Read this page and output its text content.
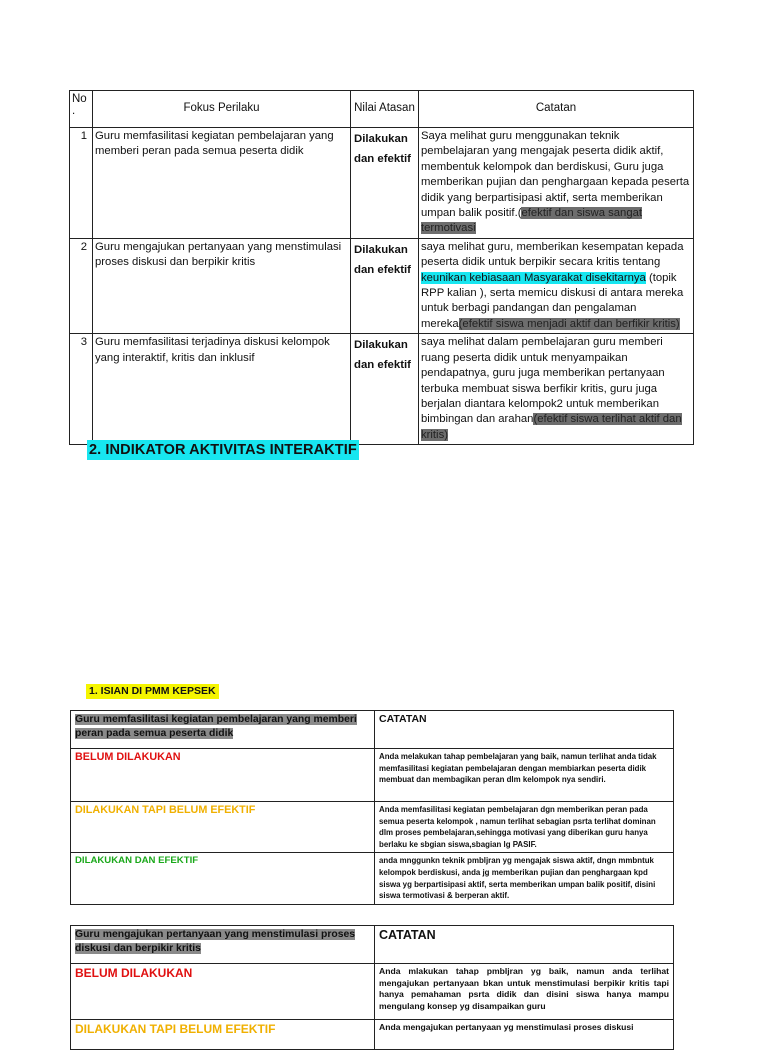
No .	Fokus Perilaku	Nilai Atasan	Catatan
1	Guru memfasilitasi kegiatan pembelajaran yang memberi peran pada semua peserta didik	Dilakukan dan efektif	Saya melihat guru menggunakan teknik pembelajaran yang mengajak peserta didik aktif, membentuk kelompok dan berdiskusi, Guru juga memberikan pujian dan penghargaan kepada peserta didik yang berpartisipasi aktif, serta memberikan umpan balik positif.(efektif dan siswa sangat termotivasi
2	Guru mengajukan pertanyaan yang menstimulasi proses diskusi dan berpikir kritis	Dilakukan dan efektif	saya melihat guru, memberikan kesempatan kepada peserta didik untuk berpikir secara kritis tentang keunikan kebiasaan Masyarakat disekitarnya (topik RPP kalian ), serta memicu diskusi di antara mereka untuk berbagi pandangan dan pengalaman mereka(efektif siswa menjadi aktif dan berfikir kritis)
3	Guru memfasilitasi terjadinya diskusi kelompok yang interaktif, kritis dan inklusif	Dilakukan dan efektif	saya melihat dalam pembelajaran guru memberi ruang peserta didik untuk menyampaikan pendapatnya, guru juga memberikan pertanyaan terbuka membuat siswa berfikir kritis, guru juga berjalan diantara kelompok2 untuk memberikan bimbingan dan arahan(efektif siswa terlihat aktif dan kritis)
2. INDIKATOR AKTIVITAS INTERAKTIF
1. ISIAN DI PMM KEPSEK
Guru memfasilitasi kegiatan pembelajaran yang memberi peran pada semua peserta didik	CATATAN
BELUM DILAKUKAN	Anda melakukan tahap pembelajaran yang baik, namun terlihat anda tidak memfasilitasi kegiatan pembelajaran dengan membiarkan peserta didik membuat dan membagikan peran dlm kelompok nya sendiri.
DILAKUKAN TAPI BELUM EFEKTIF	Anda memfasilitasi kegiatan pembelajaran dgn memberikan peran pada semua peserta kelompok , namun terlihat sebagian psrta terlihat dominan dlm proses pembelajaran,sehingga motivasi yang diberikan guru hanya berlaku ke sbgian siswa,sbagian lg PASIF.
DILAKUKAN DAN EFEKTIF	anda mnggunkn teknik pmbljran yg mengajak siswa aktif, dngn mmbntuk kelompok berdiskusi, anda jg memberikan pujian dan penghargaan kpd siswa yg berpartisipasi aktif, serta memberikan umpan balik positif, disini siswa termotivasi & berperan aktif.
Guru mengajukan pertanyaan yang menstimulasi proses diskusi dan berpikir kritis	CATATAN
BELUM DILAKUKAN	Anda mlakukan tahap pmbljran yg baik, namun anda terlihat mengajukan pertanyaan bkan untuk menstimulasi berpikir kritis tapi hanya pemahaman psrta didik dan disini siswa hanya mampu mengulang konsep yg disampaikan guru
DILAKUKAN TAPI BELUM EFEKTIF	Anda mengajukan pertanyaan yg menstimulasi proses diskusi
